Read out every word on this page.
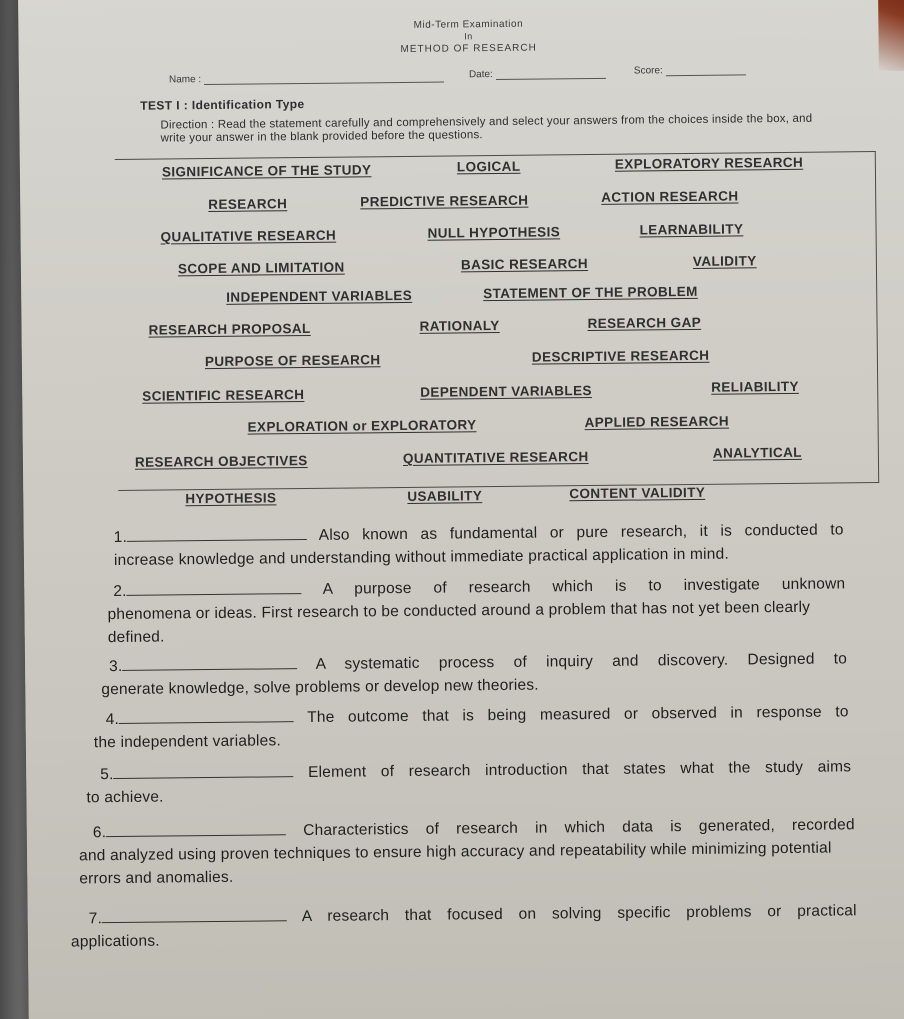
Mid-Term Examination
In
METHOD OF RESEARCH
Name :	Date:	Score:
TEST I : Identification Type
Direction : Read the statement carefully and comprehensively and select your answers from the choices inside the box, and write your answer in the blank provided before the questions.
SIGNIFICANCE OF THE STUDY	LOGICAL	EXPLORATORY RESEARCH
RESEARCH	PREDICTIVE RESEARCH	ACTION RESEARCH
QUALITATIVE RESEARCH	NULL HYPOTHESIS	LEARNABILITY
SCOPE AND LIMITATION	BASIC RESEARCH	VALIDITY
INDEPENDENT VARIABLES	STATEMENT OF THE PROBLEM
RESEARCH PROPOSAL	RATIONALY	RESEARCH GAP
PURPOSE OF RESEARCH	DESCRIPTIVE RESEARCH
SCIENTIFIC RESEARCH	DEPENDENT VARIABLES	RELIABILITY
EXPLORATION or EXPLORATORY	APPLIED RESEARCH
RESEARCH OBJECTIVES	QUANTITATIVE RESEARCH	ANALYTICAL
HYPOTHESIS	USABILITY	CONTENT VALIDITY
1.	Also known as fundamental or pure research, it is conducted to
increase knowledge and understanding without immediate practical application in mind.
2.	A purpose of research which is to investigate unknown
phenomena or ideas. First research to be conducted around a problem that has not yet been clearly defined.
3.	A systematic process of inquiry and discovery. Designed to
generate knowledge, solve problems or develop new theories.
4.	The outcome that is being measured or observed in response to
the independent variables.
5.	Element of research introduction that states what the study aims
to achieve.
6.	Characteristics of research in which data is generated, recorded
and analyzed using proven techniques to ensure high accuracy and repeatability while minimizing potential errors and anomalies.
7.	A research that focused on solving specific problems or practical
applications.
